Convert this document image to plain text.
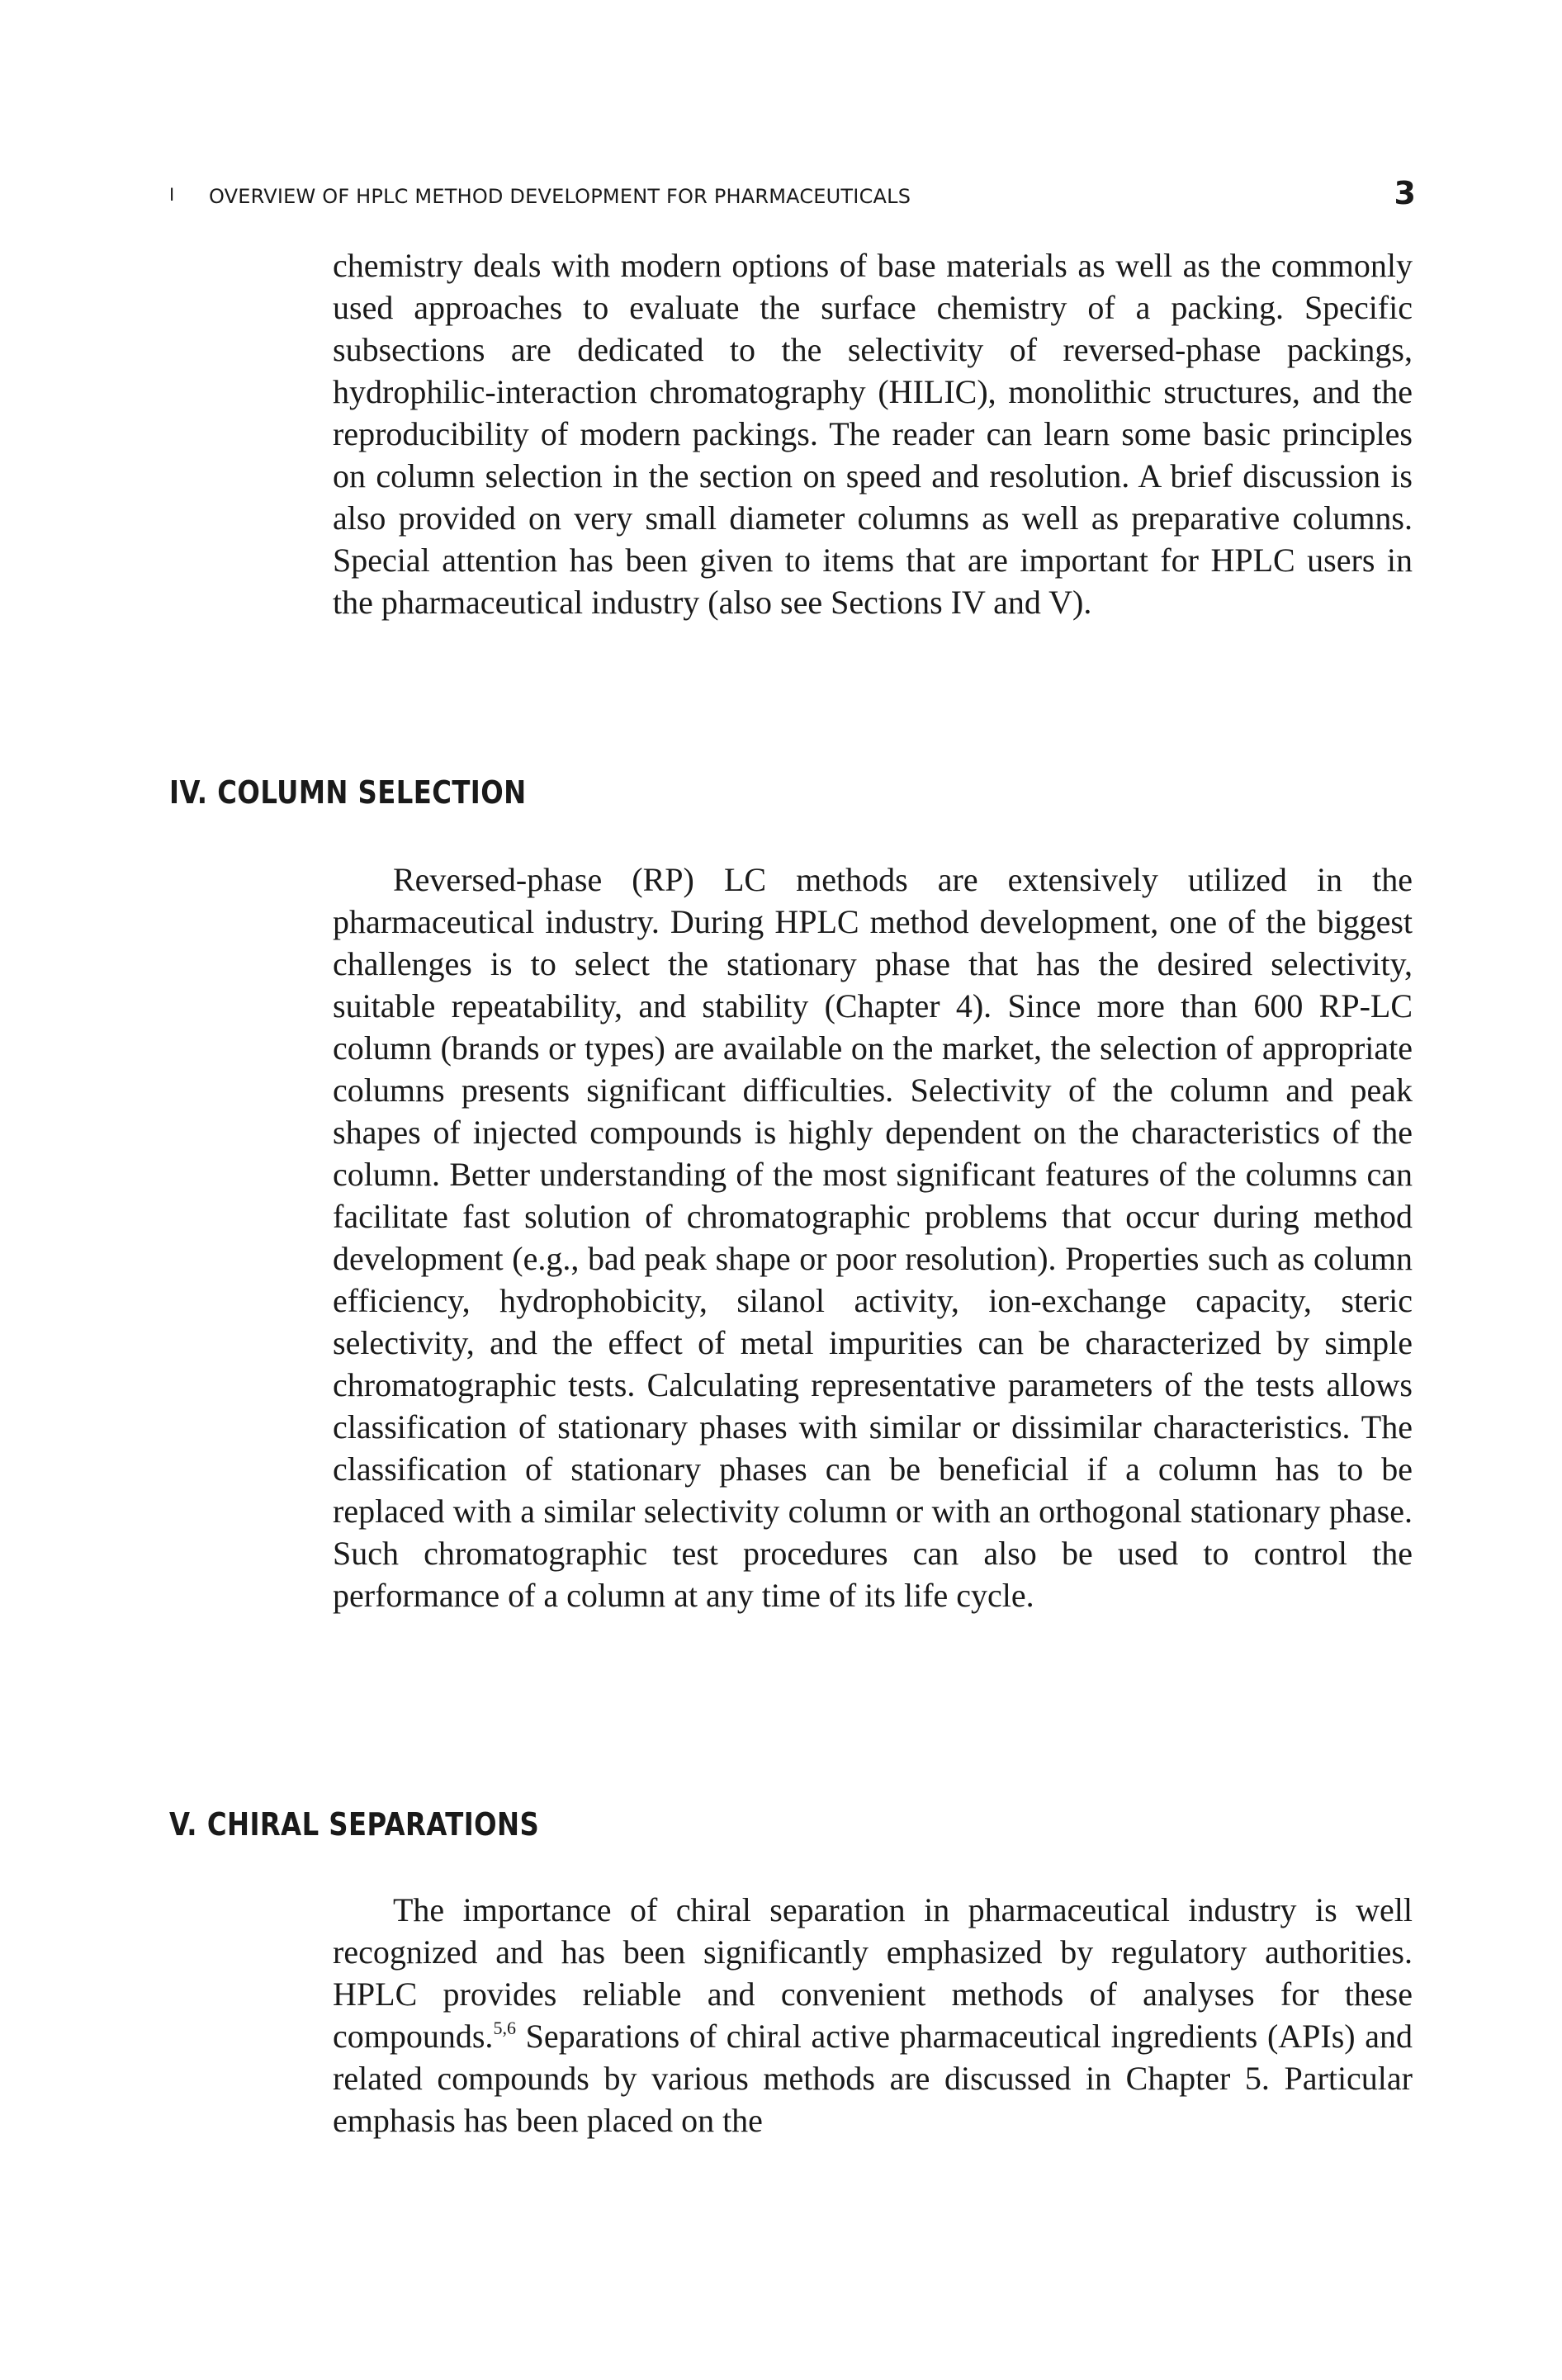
I OVERVIEW OF HPLC METHOD DEVELOPMENT FOR PHARMACEUTICALS	3

chemistry deals with modern options of base materials as well as the commonly used approaches to evaluate the surface chemistry of a packing. Specific subsections are dedicated to the selectivity of reversed-phase packings, hydrophilic-interaction chromatography (HILIC), monolithic structures, and the reproducibility of modern packings. The reader can learn some basic principles on column selection in the section on speed and resolution. A brief discussion is also provided on very small diameter columns as well as preparative columns. Special attention has been given to items that are important for HPLC users in the pharmaceutical industry (also see Sections IV and V).

IV. COLUMN SELECTION

Reversed-phase (RP) LC methods are extensively utilized in the pharmaceutical industry. During HPLC method development, one of the biggest challenges is to select the stationary phase that has the desired selectivity, suitable repeatability, and stability (Chapter 4). Since more than 600 RP-LC column (brands or types) are available on the market, the selection of appropriate columns presents significant difficulties. Selectivity of the column and peak shapes of injected compounds is highly dependent on the characteristics of the column. Better understanding of the most significant features of the columns can facilitate fast solution of chromatographic problems that occur during method development (e.g., bad peak shape or poor resolution). Properties such as column efficiency, hydrophobicity, silanol activity, ion-exchange capacity, steric selectivity, and the effect of metal impurities can be characterized by simple chromatographic tests. Calculating representative parameters of the tests allows classification of stationary phases with similar or dissimilar characteristics. The classification of stationary phases can be beneficial if a column has to be replaced with a similar selectivity column or with an orthogonal stationary phase. Such chromatographic test procedures can also be used to control the performance of a column at any time of its life cycle.

V. CHIRAL SEPARATIONS

The importance of chiral separation in pharmaceutical industry is well recognized and has been significantly emphasized by regulatory authorities. HPLC provides reliable and convenient methods of analyses for these compounds.$^{5,6}$ Separations of chiral active pharmaceutical ingredients (APIs) and related compounds by various methods are discussed in Chapter 5. Particular emphasis has been placed on the
